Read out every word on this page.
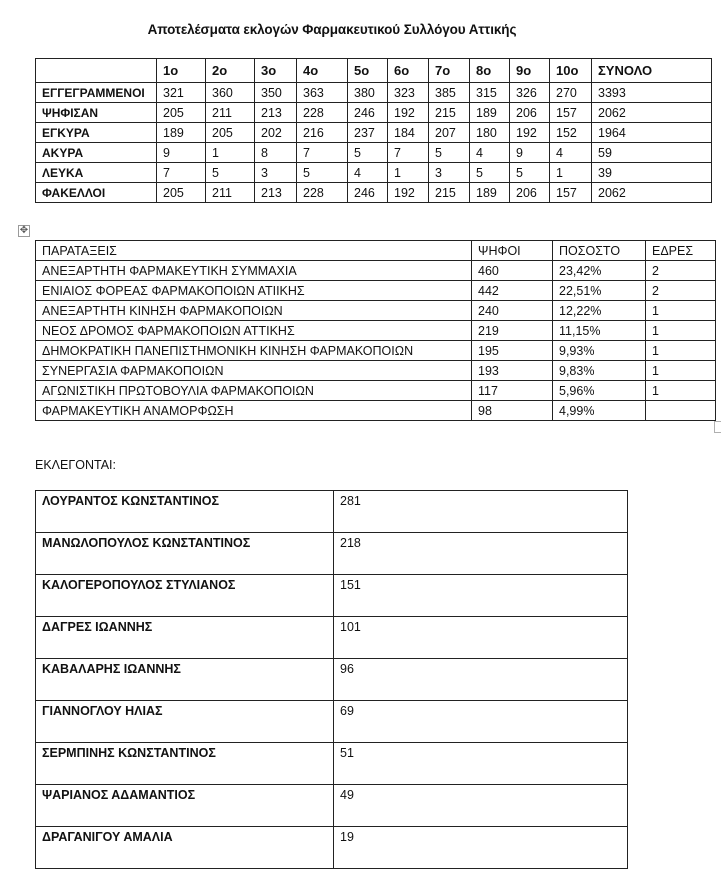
Αποτελέσματα εκλογών Φαρμακευτικού Συλλόγου Αττικής
	1ο	2ο	3ο	4ο	5ο	6ο	7ο	8ο	9ο	10ο	ΣΥΝΟΛΟ
ΕΓΓΕΓΡΑΜΜΕΝΟΙ	321	360	350	363	380	323	385	315	326	270	3393
ΨΗΦΙΣΑΝ	205	211	213	228	246	192	215	189	206	157	2062
ΕΓΚΥΡΑ	189	205	202	216	237	184	207	180	192	152	1964
ΑΚΥΡΑ	9	1	8	7	5	7	5	4	9	4	59
ΛΕΥΚΑ	7	5	3	5	4	1	3	5	5	1	39
ΦΑΚΕΛΛΟΙ	205	211	213	228	246	192	215	189	206	157	2062
✥
ΠΑΡΑΤΑΞΕΙΣ	ΨΗΦΟΙ	ΠΟΣΟΣΤΟ	ΕΔΡΕΣ
ΑΝΕΞΑΡΤΗΤΗ ΦΑΡΜΑΚΕΥΤΙΚΗ ΣΥΜΜΑΧΙΑ	460	23,42%	2
ΕΝΙΑΙΟΣ ΦΟΡΕΑΣ ΦΑΡΜΑΚΟΠΟΙΩΝ ΑΤΙΙΚΗΣ	442	22,51%	2
ΑΝΕΞΑΡΤΗΤΗ ΚΙΝΗΣΗ ΦΑΡΜΑΚΟΠΟΙΩΝ	240	12,22%	1
ΝΕΟΣ ΔΡΟΜΟΣ ΦΑΡΜΑΚΟΠΟΙΩΝ ΑΤΤΙΚΗΣ	219	11,15%	1
ΔΗΜΟΚΡΑΤΙΚΗ ΠΑΝΕΠΙΣΤΗΜΟΝΙΚΗ ΚΙΝΗΣΗ ΦΑΡΜΑΚΟΠΟΙΩΝ	195	9,93%	1
ΣΥΝΕΡΓΑΣΙΑ ΦΑΡΜΑΚΟΠΟΙΩΝ	193	9,83%	1
ΑΓΩΝΙΣΤΙΚΗ ΠΡΩΤΟΒΟΥΛΙΑ ΦΑΡΜΑΚΟΠΟΙΩΝ	117	5,96%	1
ΦΑΡΜΑΚΕΥΤΙΚΗ ΑΝΑΜΟΡΦΩΣΗ	98	4,99%	
ΕΚΛΕΓΟΝΤΑΙ:
ΛΟΥΡΑΝΤΟΣ ΚΩΝΣΤΑΝΤΙΝΟΣ	281
ΜΑΝΩΛΟΠΟΥΛΟΣ ΚΩΝΣΤΑΝΤΙΝΟΣ	218
ΚΑΛΟΓΕΡΟΠΟΥΛΟΣ ΣΤΥΛΙΑΝΟΣ	151
ΔΑΓΡΕΣ ΙΩΑΝΝΗΣ	101
ΚΑΒΑΛΑΡΗΣ ΙΩΑΝΝΗΣ	96
ΓΙΑΝΝΟΓΛΟΥ ΗΛΙΑΣ	69
ΣΕΡΜΠΙΝΗΣ ΚΩΝΣΤΑΝΤΙΝΟΣ	51
ΨΑΡΙΑΝΟΣ ΑΔΑΜΑΝΤΙΟΣ	49
ΔΡΑΓΑΝΙΓΟΥ ΑΜΑΛΙΑ	19
